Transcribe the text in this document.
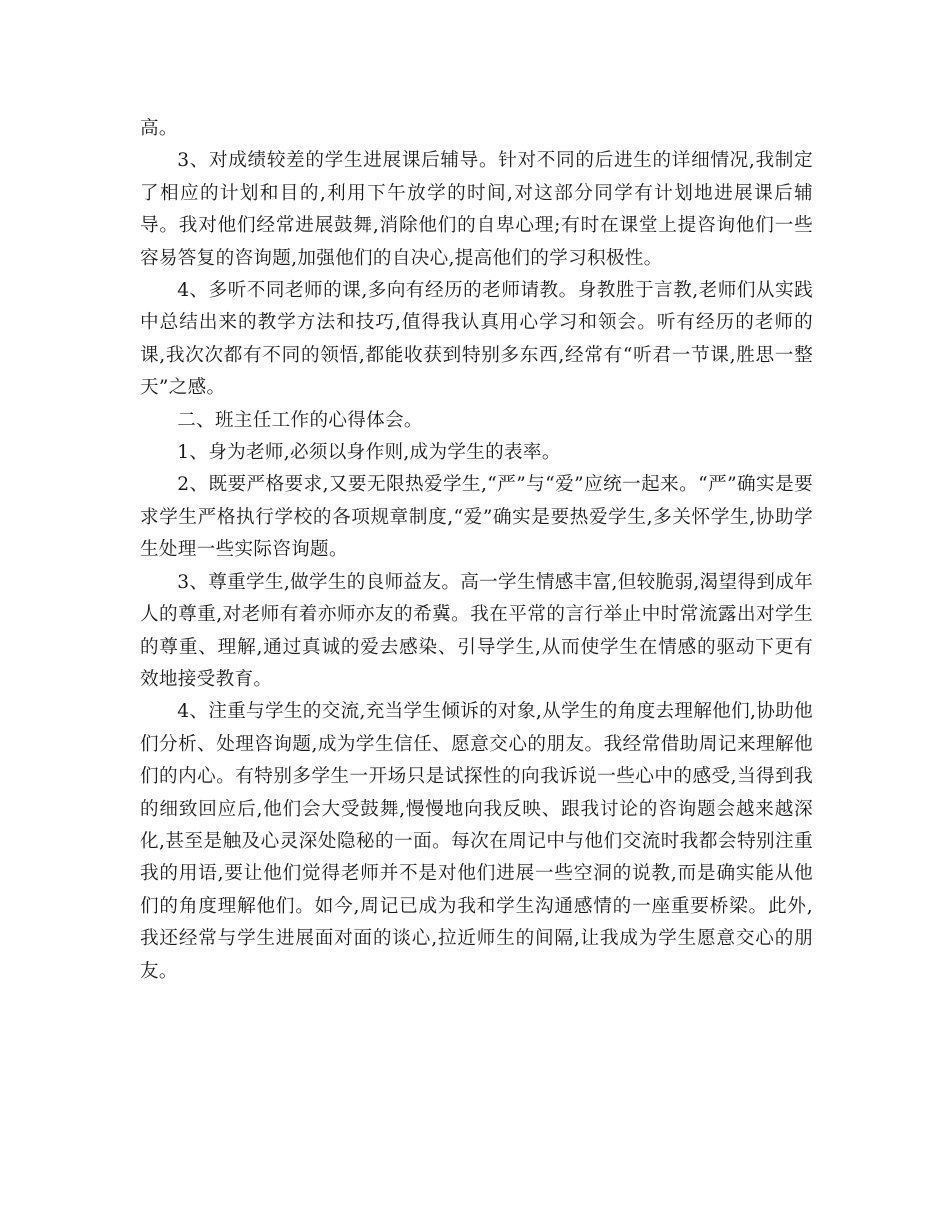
高。

3、对成绩较差的学生进展课后辅导。针对不同的后进生的详细情况,我制定了相应的计划和目的,利用下午放学的时间,对这部分同学有计划地进展课后辅导。我对他们经常进展鼓舞,消除他们的自卑心理;有时在课堂上提咨询他们一些容易答复的咨询题,加强他们的自决心,提高他们的学习积极性。

4、多听不同老师的课,多向有经历的老师请教。身教胜于言教,老师们从实践中总结出来的教学方法和技巧,值得我认真用心学习和领会。听有经历的老师的课,我次次都有不同的领悟,都能收获到特别多东西,经常有“听君一节课,胜思一整天”之感。

二、班主任工作的心得体会。

1、身为老师,必须以身作则,成为学生的表率。

2、既要严格要求,又要无限热爱学生,“严”与“爱”应统一起来。“严”确实是要求学生严格执行学校的各项规章制度,“爱”确实是要热爱学生,多关怀学生,协助学生处理一些实际咨询题。

3、尊重学生,做学生的良师益友。高一学生情感丰富,但较脆弱,渴望得到成年人的尊重,对老师有着亦师亦友的希冀。我在平常的言行举止中时常流露出对学生的尊重、理解,通过真诚的爱去感染、引导学生,从而使学生在情感的驱动下更有效地接受教育。

4、注重与学生的交流,充当学生倾诉的对象,从学生的角度去理解他们,协助他们分析、处理咨询题,成为学生信任、愿意交心的朋友。我经常借助周记来理解他们的内心。有特别多学生一开场只是试探性的向我诉说一些心中的感受,当得到我的细致回应后,他们会大受鼓舞,慢慢地向我反映、跟我讨论的咨询题会越来越深化,甚至是触及心灵深处隐秘的一面。每次在周记中与他们交流时我都会特别注重我的用语,要让他们觉得老师并不是对他们进展一些空洞的说教,而是确实能从他们的角度理解他们。如今,周记已成为我和学生沟通感情的一座重要桥梁。此外,我还经常与学生进展面对面的谈心,拉近师生的间隔,让我成为学生愿意交心的朋友。
